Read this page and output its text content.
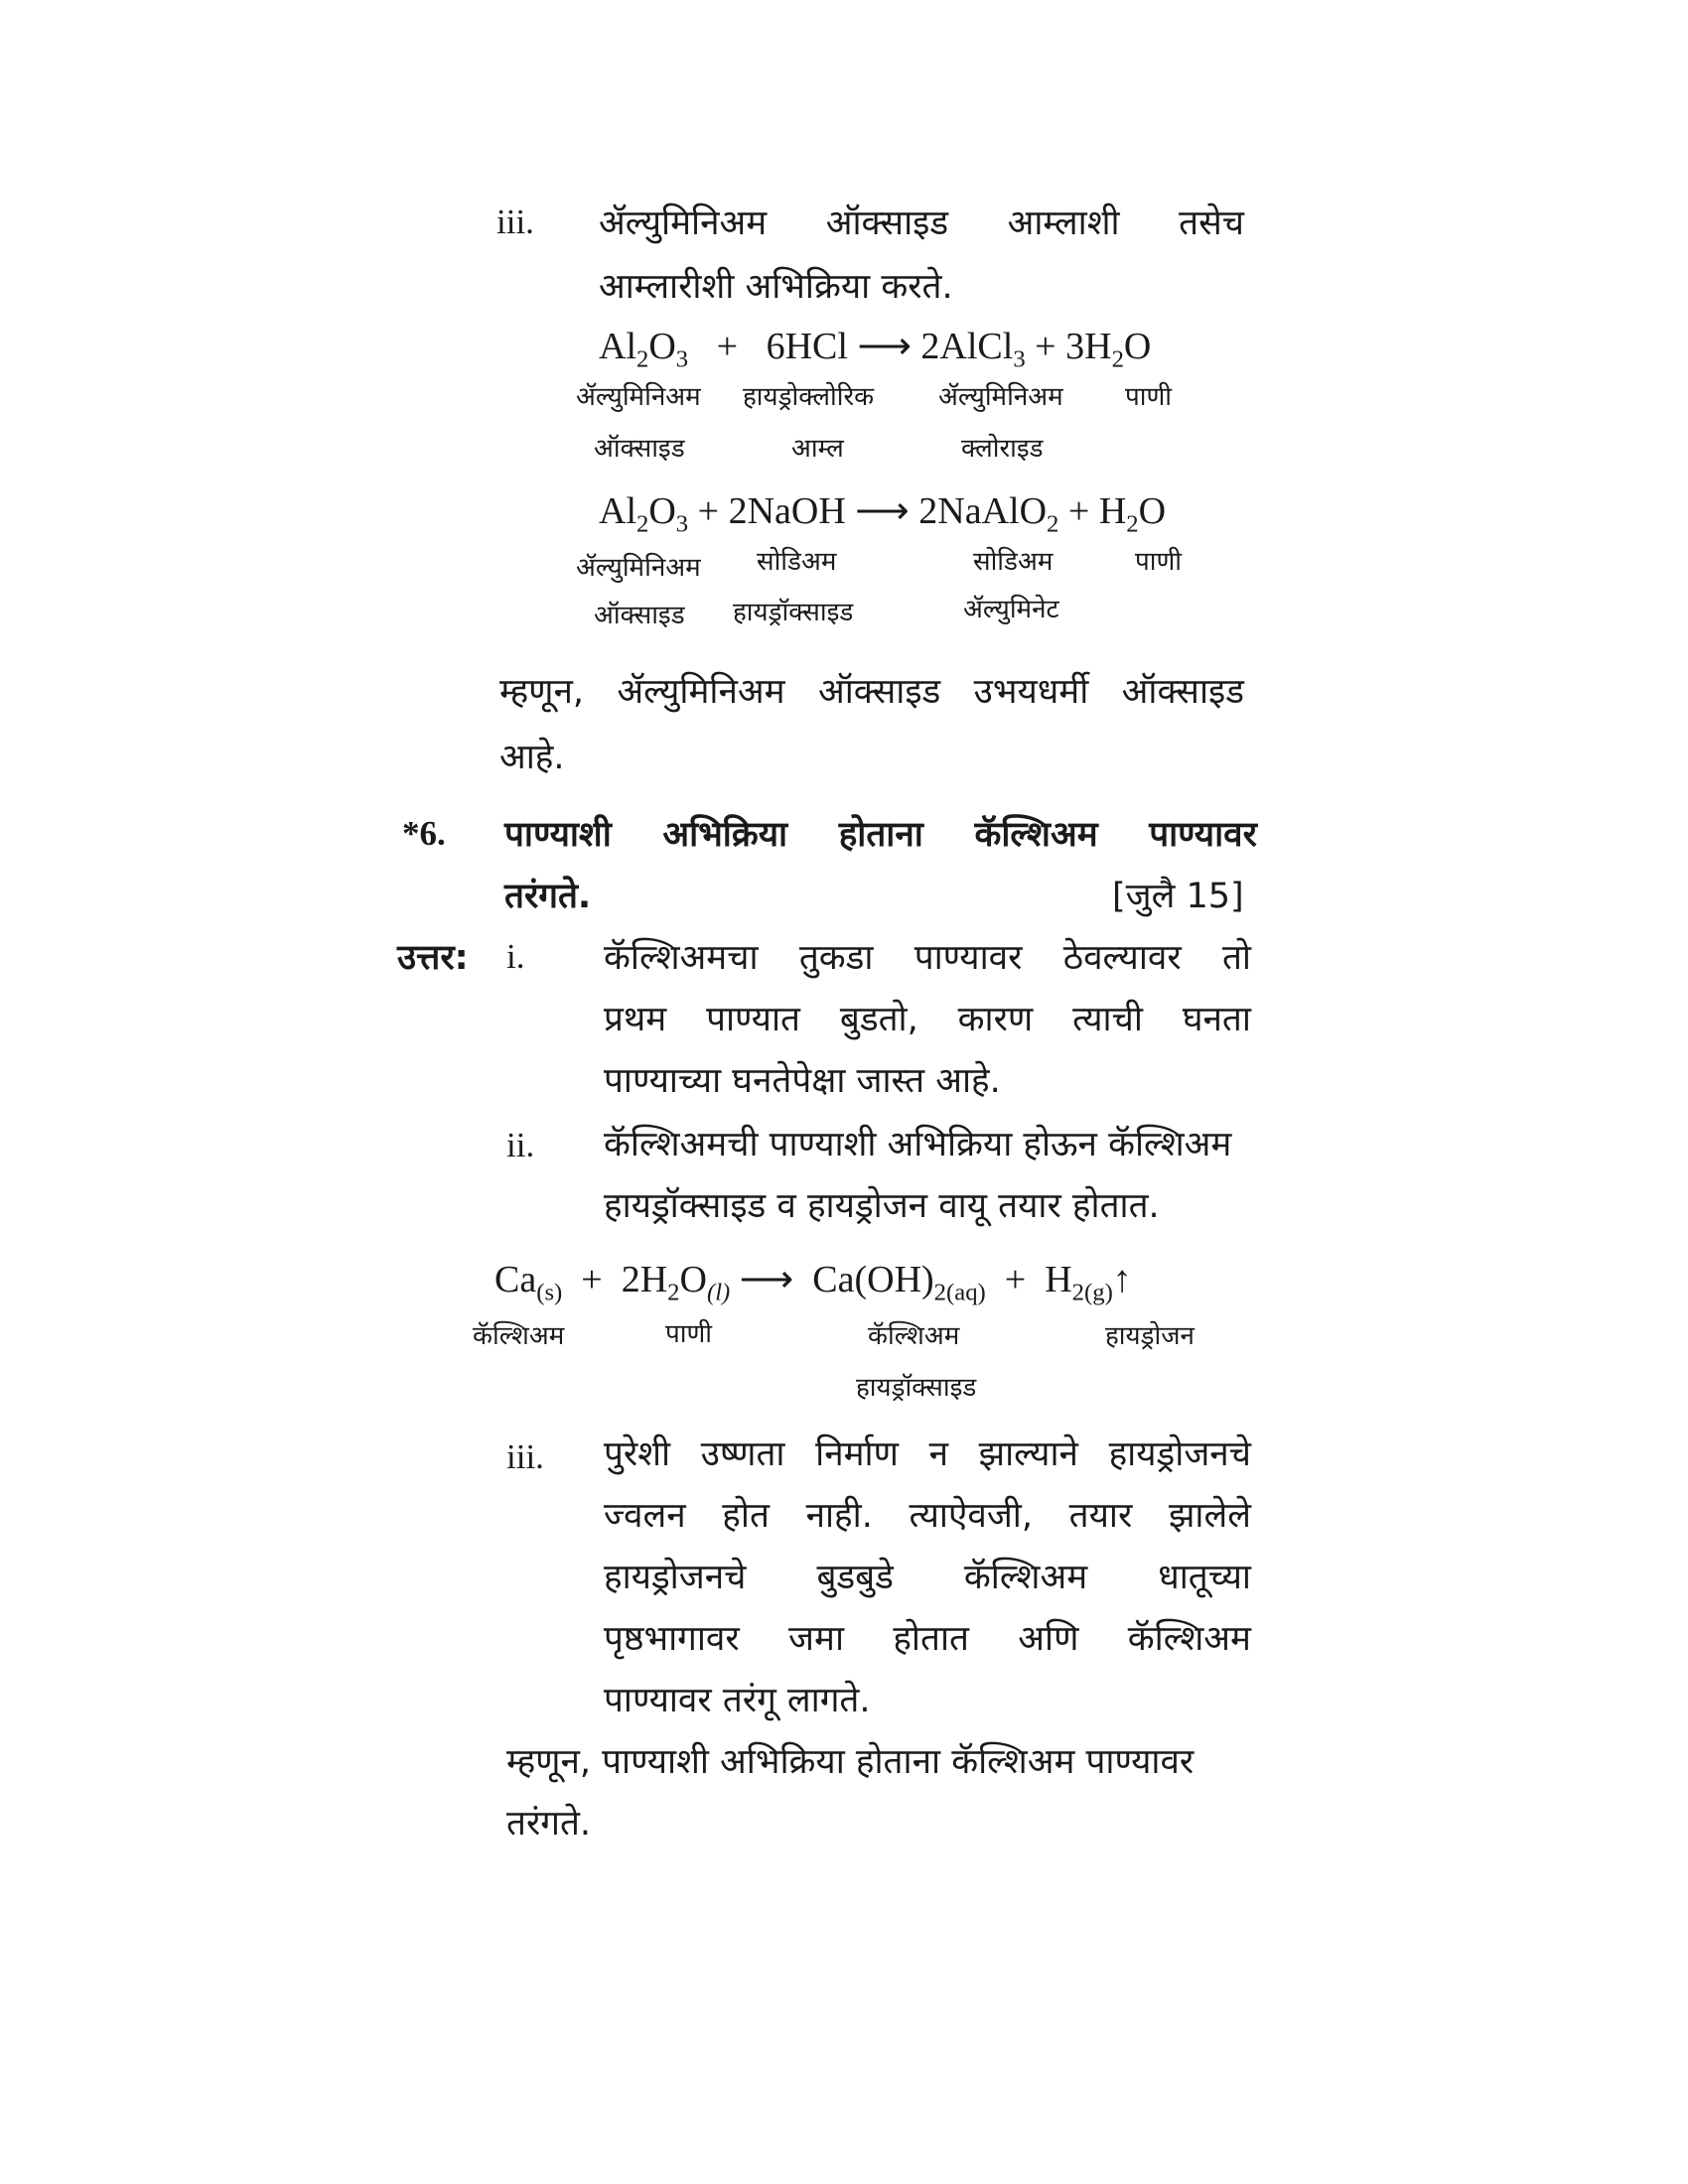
iii. ॲल्युमिनिअम ऑक्साइड आम्लाशी तसेच
आम्लारीशी अभिक्रिया करते.
$Al_2O_3 + 6HCl$ ⟶ 2AlCl$_3$ + $3H_2O$
ॲल्युमिनिअम हायड्रोक्लोरिक ॲल्युमिनिअम पाणी
ऑक्साइड	आम्ल	क्लोराइड
$Al_2O_3$ + 2NaOH ⟶ 2NaAlO$_2$ + $H_2O$
ॲल्युमिनिअम सोडिअम	सोडिअम	पाणी
ऑक्साइड हायड्रॉक्साइड	ॲल्युमिनेट
म्हणून, ॲल्युमिनिअम ऑक्साइड उभयधर्मी ऑक्साइड
आहे.
*6. पाण्याशी अभिक्रिया होताना कॅल्शिअम पाण्यावर
तरंगते.	[जुलै 15]
उत्तर: i. कॅल्शिअमचा तुकडा पाण्यावर ठेवल्यावर तो
प्रथम पाण्यात बुडतो, कारण त्याची घनता
पाण्याच्या घनतेपेक्षा जास्त आहे.
ii. कॅल्शिअमची पाण्याशी अभिक्रिया होऊन कॅल्शिअम
हायड्रॉक्साइड व हायड्रोजन वायू तयार होतात.
$Ca_{(s)} + 2H_2O_{(l)}$ ⟶ $Ca(OH)_{2(aq)}$ + $H_{2(g)}↑$
कॅल्शिअम	पाणी	कॅल्शिअम	हायड्रोजन
हायड्रॉक्साइड
iii. पुरेशी उष्णता निर्माण न झाल्याने हायड्रोजनचे
ज्वलन होत नाही. त्याऐवजी, तयार झालेले
हायड्रोजनचे बुडबुडे कॅल्शिअम धातूच्या
पृष्ठभागावर जमा होतात अणि कॅल्शिअम
पाण्यावर तरंगू लागते.
म्हणून, पाण्याशी अभिक्रिया होताना कॅल्शिअम पाण्यावर
तरंगते.
